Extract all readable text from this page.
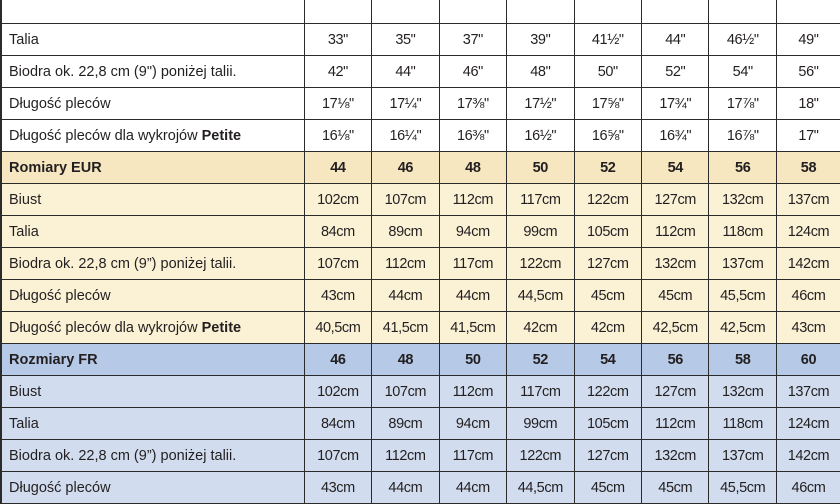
Talia	33"	35"	37"	39"	41½"	44"	46½"	49"
Biodra ok. 22,8 cm (9") poniżej talii.	42"	44"	46"	48"	50"	52"	54"	56"
Długość pleców	17⅛"	17¼"	17⅜"	17½"	17⅝"	17¾"	17⅞"	18"
Długość pleców dla wykrojów Petite	16⅛"	16¼"	16⅜"	16½"	16⅝"	16¾"	16⅞"	17"
Romiary EUR	44	46	48	50	52	54	56	58
Biust	102cm	107cm	112cm	117cm	122cm	127cm	132cm	137cm
Talia	84cm	89cm	94cm	99cm	105cm	112cm	118cm	124cm
Biodra ok. 22,8 cm (9”) poniżej talii.	107cm	112cm	117cm	122cm	127cm	132cm	137cm	142cm
Długość pleców	43cm	44cm	44cm	44,5cm	45cm	45cm	45,5cm	46cm
Długość pleców dla wykrojów Petite	40,5cm	41,5cm	41,5cm	42cm	42cm	42,5cm	42,5cm	43cm
Rozmiary FR	46	48	50	52	54	56	58	60
Biust	102cm	107cm	112cm	117cm	122cm	127cm	132cm	137cm
Talia	84cm	89cm	94cm	99cm	105cm	112cm	118cm	124cm
Biodra ok. 22,8 cm (9”) poniżej talii.	107cm	112cm	117cm	122cm	127cm	132cm	137cm	142cm
Długość pleców	43cm	44cm	44cm	44,5cm	45cm	45cm	45,5cm	46cm
